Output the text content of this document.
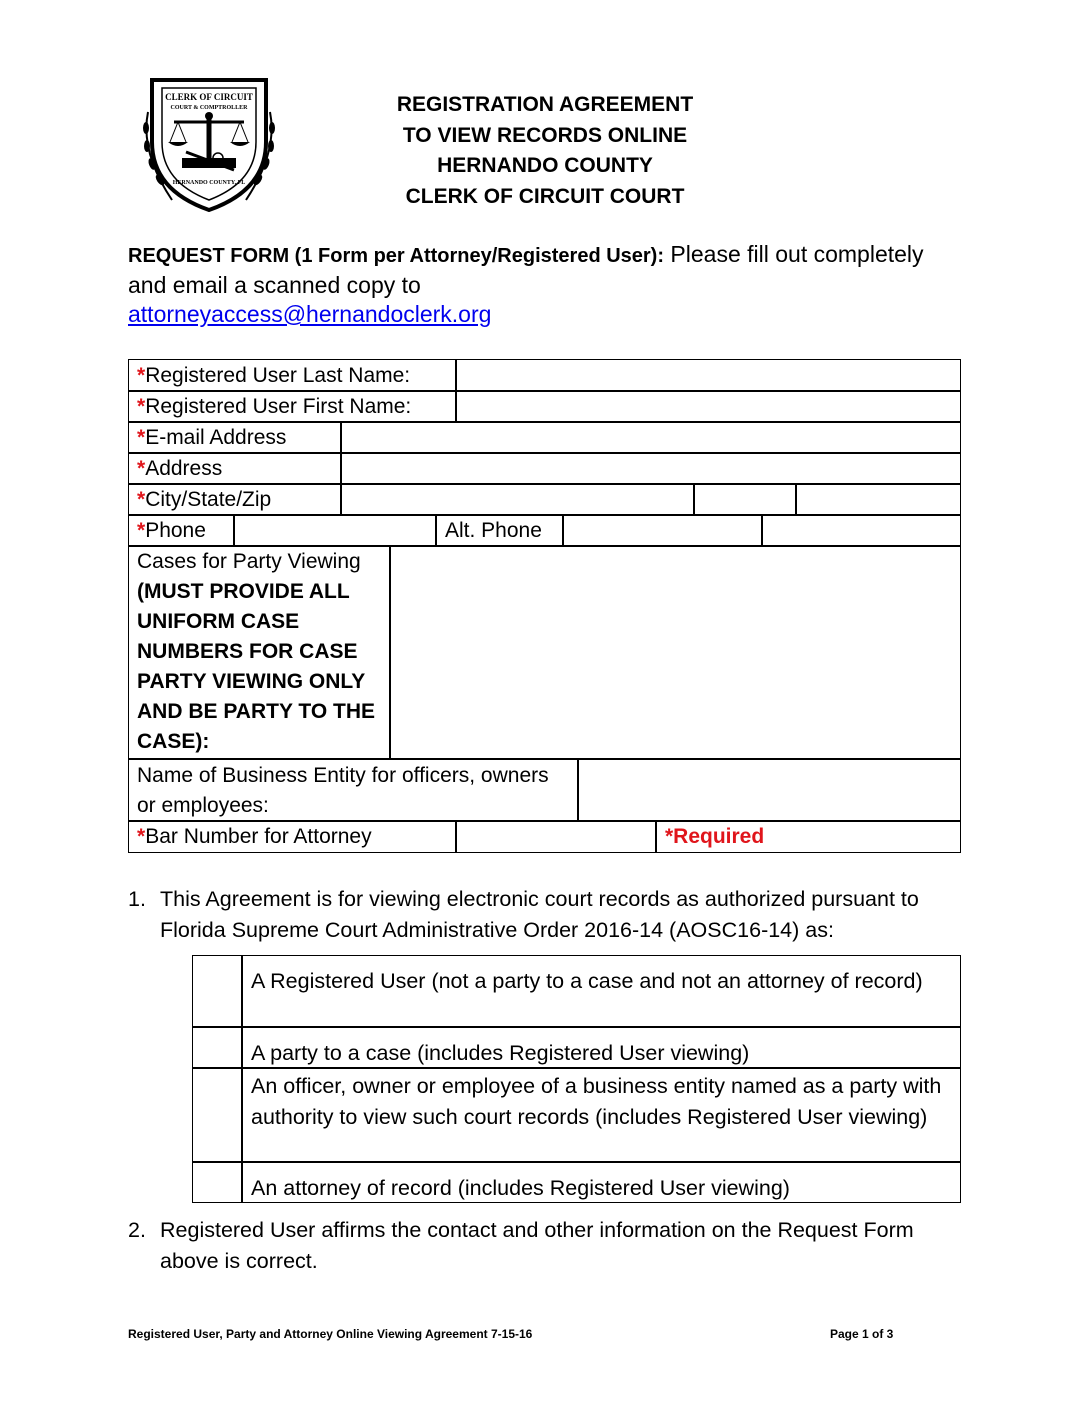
CLERK OF CIRCUIT
COURT & COMPTROLLER
HERNANDO COUNTY, FL
REGISTRATION AGREEMENT
TO VIEW RECORDS ONLINE
HERNANDO COUNTY
CLERK OF CIRCUIT COURT
REQUEST FORM (1 Form per Attorney/Registered User): Please fill out completely and email a scanned copy to
attorneyaccess@hernandoclerk.org
*Registered User Last Name:
*Registered User First Name:
*E-mail Address
*Address
*City/State/Zip
*Phone	Alt. Phone
Cases for Party Viewing
(MUST PROVIDE ALL UNIFORM CASE NUMBERS FOR CASE PARTY VIEWING ONLY AND BE PARTY TO THE CASE):
Name of Business Entity for officers, owners or employees:
*Bar Number for Attorney	*Required
1. This Agreement is for viewing electronic court records as authorized pursuant to Florida Supreme Court Administrative Order 2016-14 (AOSC16-14) as:
A Registered User (not a party to a case and not an attorney of record)
A party to a case (includes Registered User viewing)
An officer, owner or employee of a business entity named as a party with authority to view such court records (includes Registered User viewing)
An attorney of record (includes Registered User viewing)
2. Registered User affirms the contact and other information on the Request Form above is correct.
Registered User, Party and Attorney Online Viewing Agreement 7-15-16	Page 1 of 3
